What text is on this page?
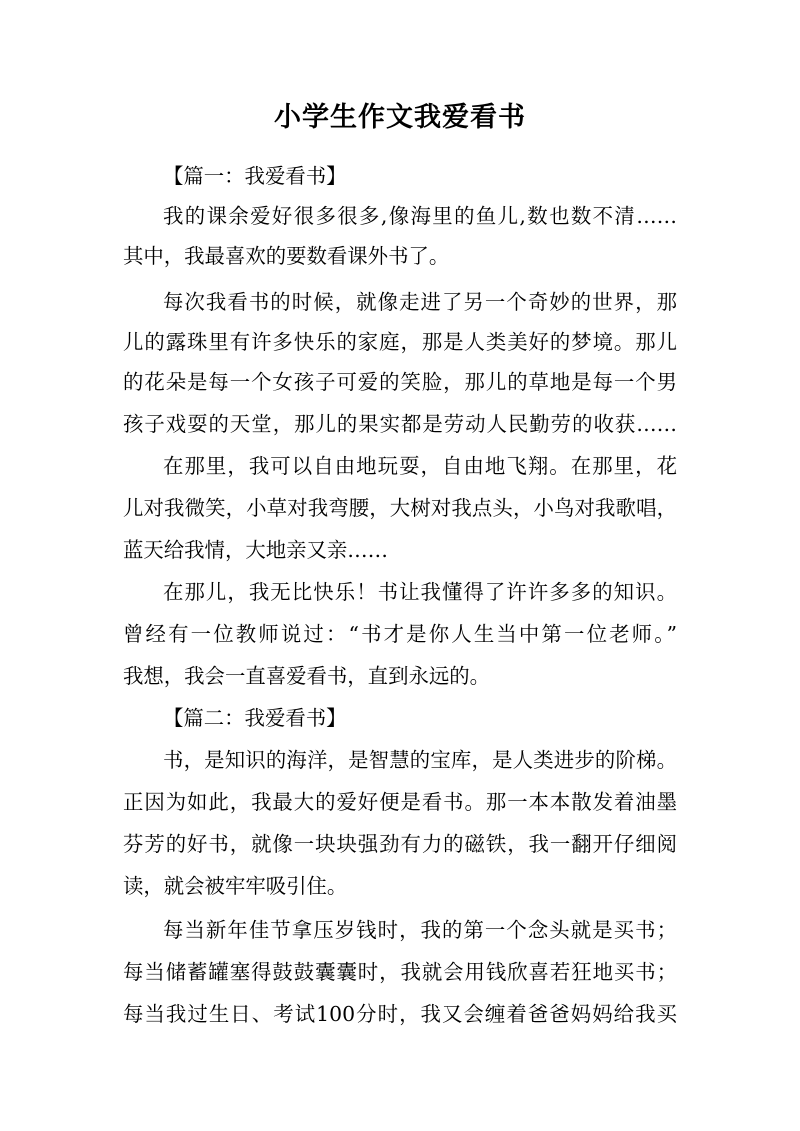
小学生作文我爱看书
【篇一：我爱看书】
我的课余爱好很多很多,像海里的鱼儿,数也数不清……
其中，我最喜欢的要数看课外书了。
每次我看书的时候，就像走进了另一个奇妙的世界，那
儿的露珠里有许多快乐的家庭，那是人类美好的梦境。那儿
的花朵是每一个女孩子可爱的笑脸，那儿的草地是每一个男
孩子戏耍的天堂，那儿的果实都是劳动人民勤劳的收获……
在那里，我可以自由地玩耍，自由地飞翔。在那里，花
儿对我微笑，小草对我弯腰，大树对我点头，小鸟对我歌唱，
蓝天给我情，大地亲又亲……
在那儿，我无比快乐！书让我懂得了许许多多的知识。
曾经有一位教师说过：“书才是你人生当中第一位老师。”
我想，我会一直喜爱看书，直到永远的。
【篇二：我爱看书】
书，是知识的海洋，是智慧的宝库，是人类进步的阶梯。
正因为如此，我最大的爱好便是看书。那一本本散发着油墨
芬芳的好书，就像一块块强劲有力的磁铁，我一翻开仔细阅
读，就会被牢牢吸引住。
每当新年佳节拿压岁钱时，我的第一个念头就是买书；
每当储蓄罐塞得鼓鼓囊囊时，我就会用钱欣喜若狂地买书；
每当我过生日、考试100分时，我又会缠着爸爸妈妈给我买
